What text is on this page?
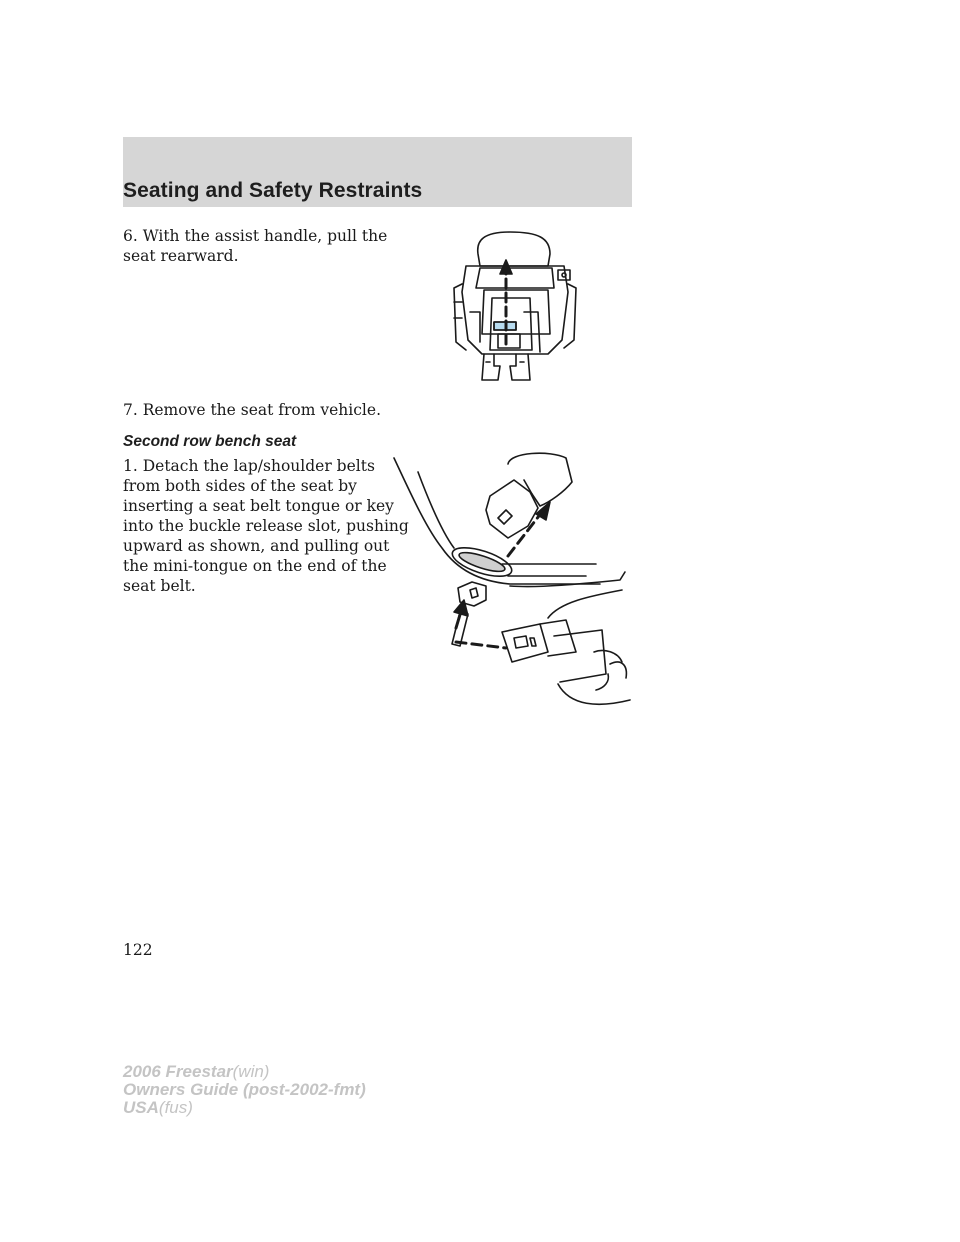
Seating and Safety Restraints

6. With the assist handle, pull the
seat rearward.

7. Remove the seat from vehicle.

Second row bench seat

1. Detach the lap/shoulder belts
from both sides of the seat by
inserting a seat belt tongue or key
into the buckle release slot, pushing
upward as shown, and pulling out
the mini-tongue on the end of the
seat belt.

122
2006 Freestar(win)
Owners Guide (post-2002-fmt)
USA(fus)
